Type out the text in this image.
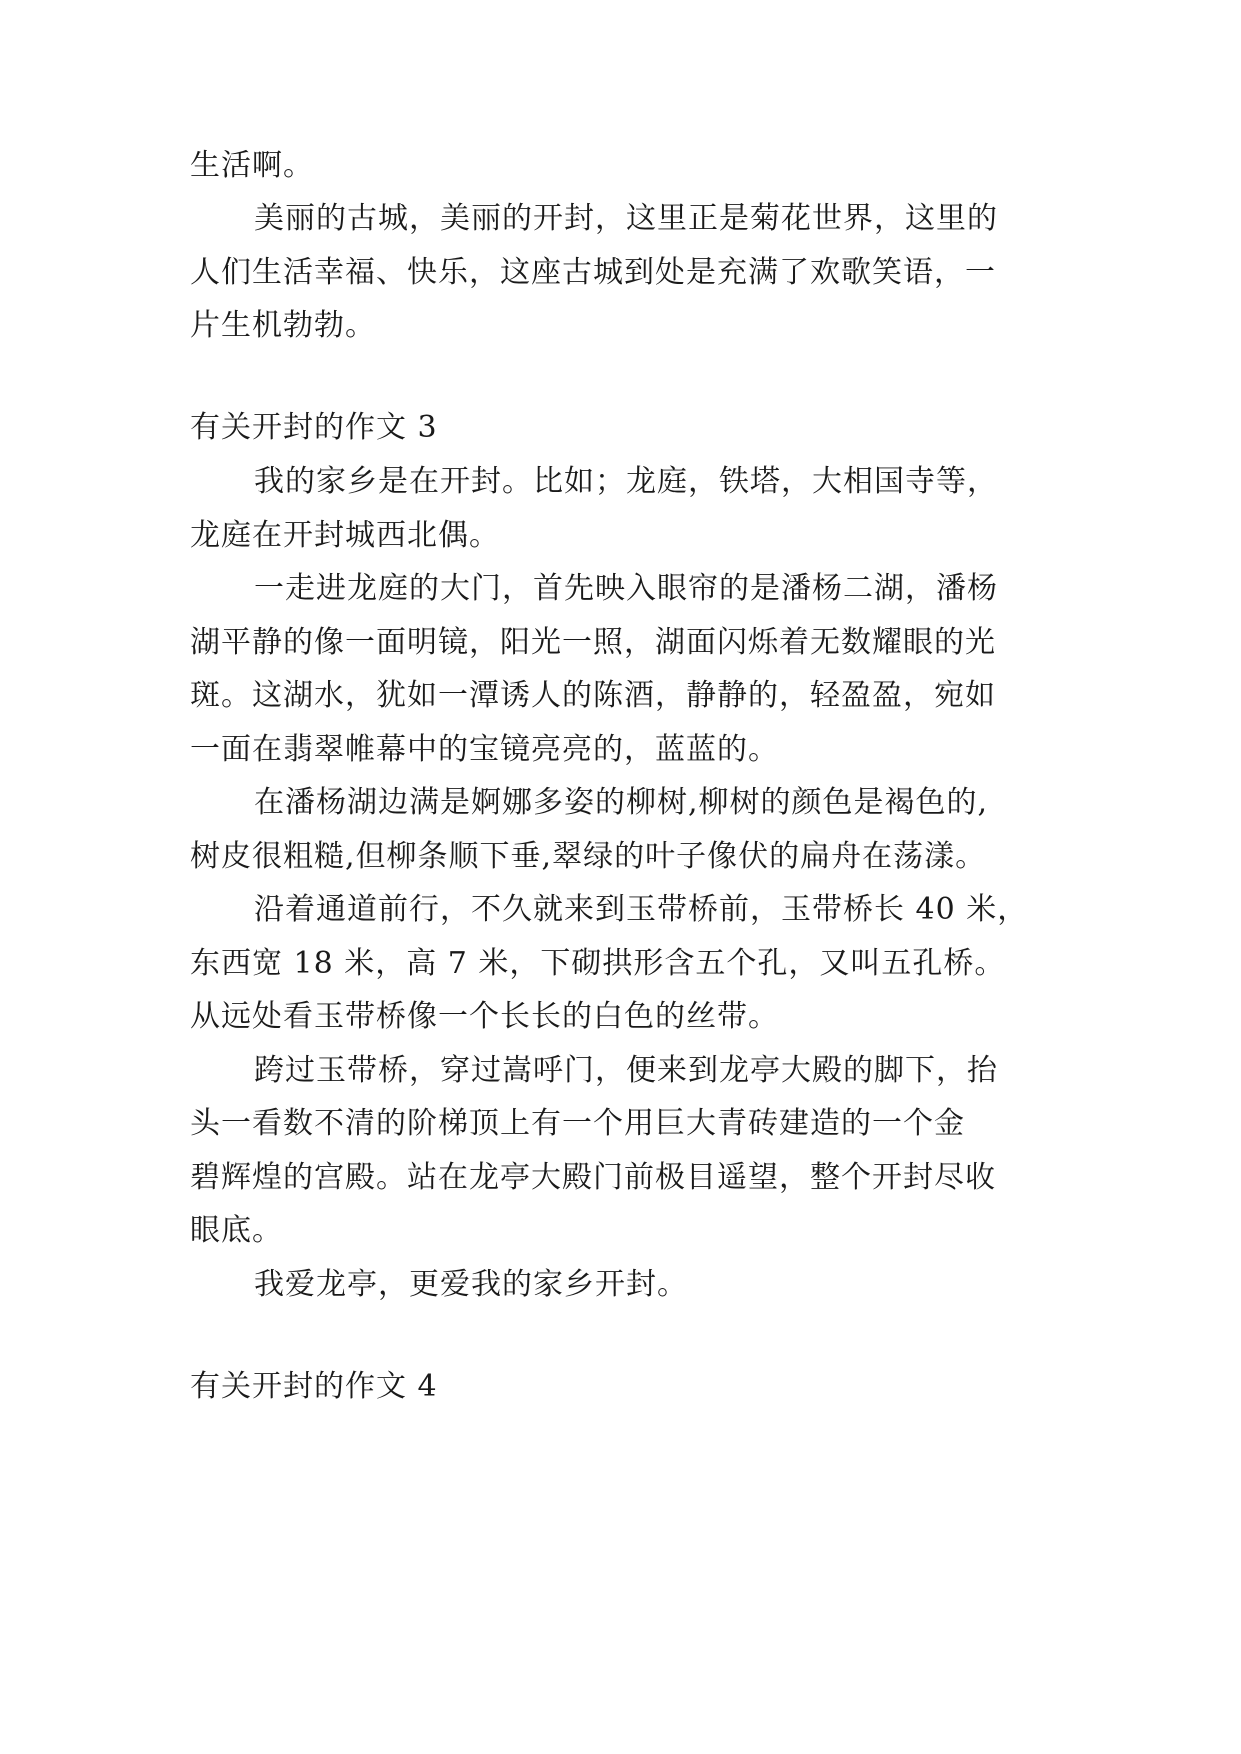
生活啊。
美丽的古城，美丽的开封，这里正是菊花世界，这里的
人们生活幸福、快乐，这座古城到处是充满了欢歌笑语，一
片生机勃勃。
有关开封的作文 3
我的家乡是在开封。比如；龙庭，铁塔，大相国寺等，
龙庭在开封城西北偶。
一走进龙庭的大门，首先映入眼帘的是潘杨二湖，潘杨
湖平静的像一面明镜，阳光一照，湖面闪烁着无数耀眼的光
斑。这湖水，犹如一潭诱人的陈酒，静静的，轻盈盈，宛如
一面在翡翠帷幕中的宝镜亮亮的，蓝蓝的。
在潘杨湖边满是婀娜多姿的柳树,柳树的颜色是褐色的,
树皮很粗糙,但柳条顺下垂,翠绿的叶子像伏的扁舟在荡漾。
沿着通道前行，不久就来到玉带桥前，玉带桥长 40 米，
东西宽 18 米，高 7 米，下砌拱形含五个孔，又叫五孔桥。
从远处看玉带桥像一个长长的白色的丝带。
跨过玉带桥，穿过嵩呼门，便来到龙亭大殿的脚下，抬
头一看数不清的阶梯顶上有一个用巨大青砖建造的一个金
碧辉煌的宫殿。站在龙亭大殿门前极目遥望，整个开封尽收
眼底。
我爱龙亭，更爱我的家乡开封。
有关开封的作文 4
